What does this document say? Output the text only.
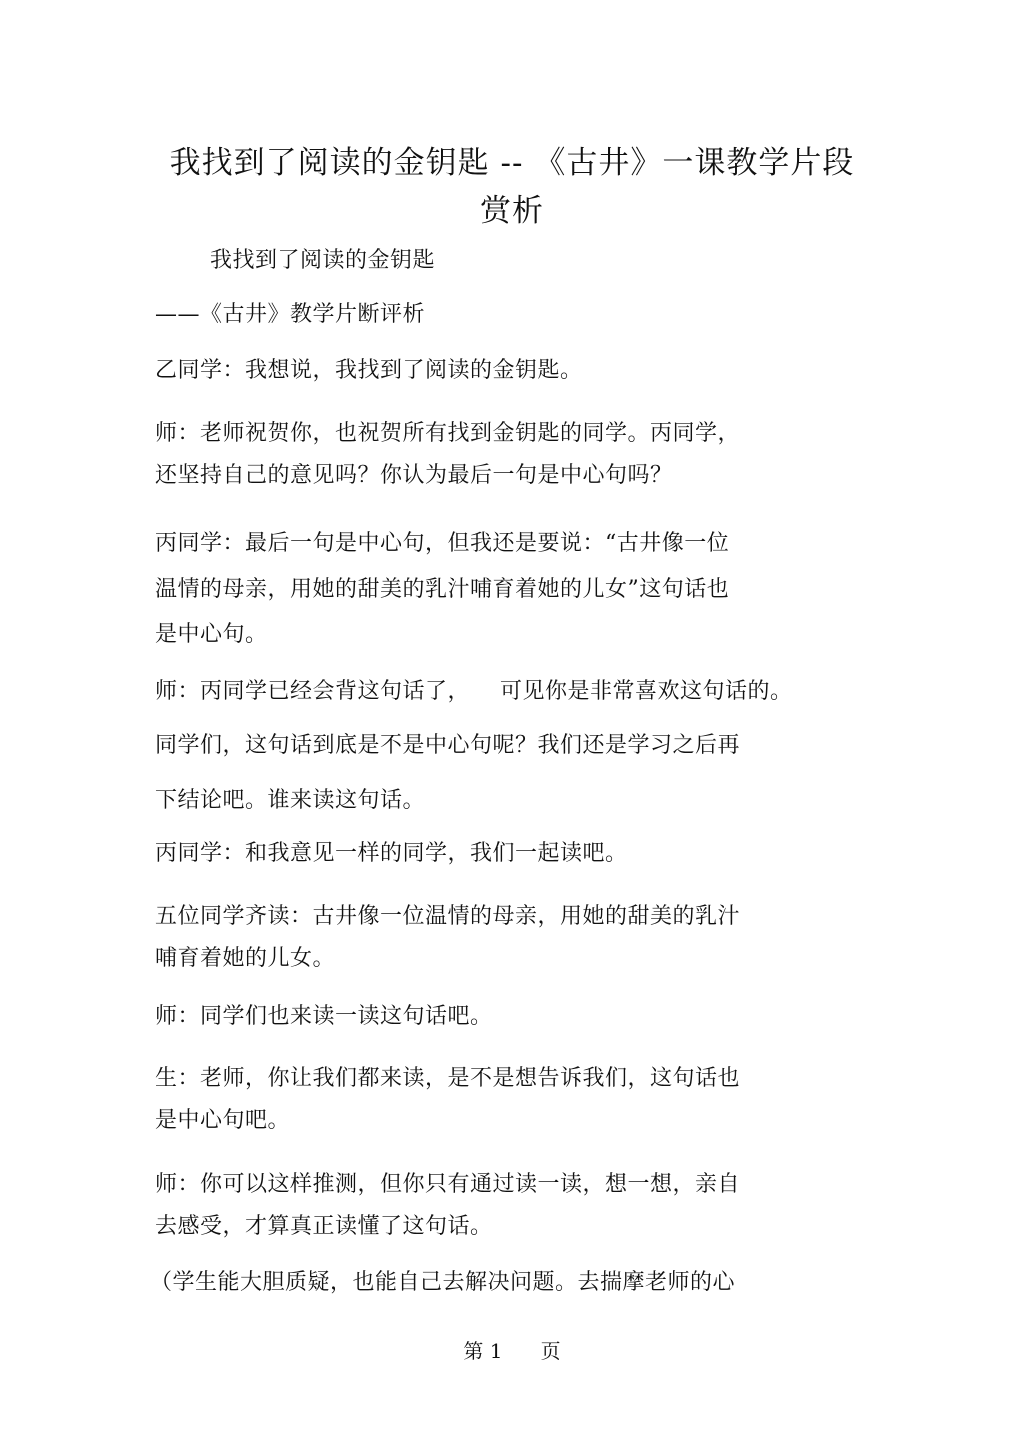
我找到了阅读的金钥匙 -- 《古井》一课教学片段
赏析
我找到了阅读的金钥匙
——《古井》教学片断评析
乙同学：我想说，我找到了阅读的金钥匙。
师：老师祝贺你，也祝贺所有找到金钥匙的同学。丙同学，
还坚持自己的意见吗？你认为最后一句是中心句吗？
丙同学：最后一句是中心句，但我还是要说：“古井像一位
温情的母亲，用她的甜美的乳汁哺育着她的儿女”这句话也
是中心句。
师：丙同学已经会背这句话了，    可见你是非常喜欢这句话的。
同学们，这句话到底是不是中心句呢？我们还是学习之后再
下结论吧。谁来读这句话。
丙同学：和我意见一样的同学，我们一起读吧。
五位同学齐读：古井像一位温情的母亲，用她的甜美的乳汁
哺育着她的儿女。
师：同学们也来读一读这句话吧。
生：老师，你让我们都来读，是不是想告诉我们，这句话也
是中心句吧。
师：你可以这样推测，但你只有通过读一读，想一想，亲自
去感受，才算真正读懂了这句话。
（学生能大胆质疑，也能自己去解决问题。去揣摩老师的心
第 1      页
